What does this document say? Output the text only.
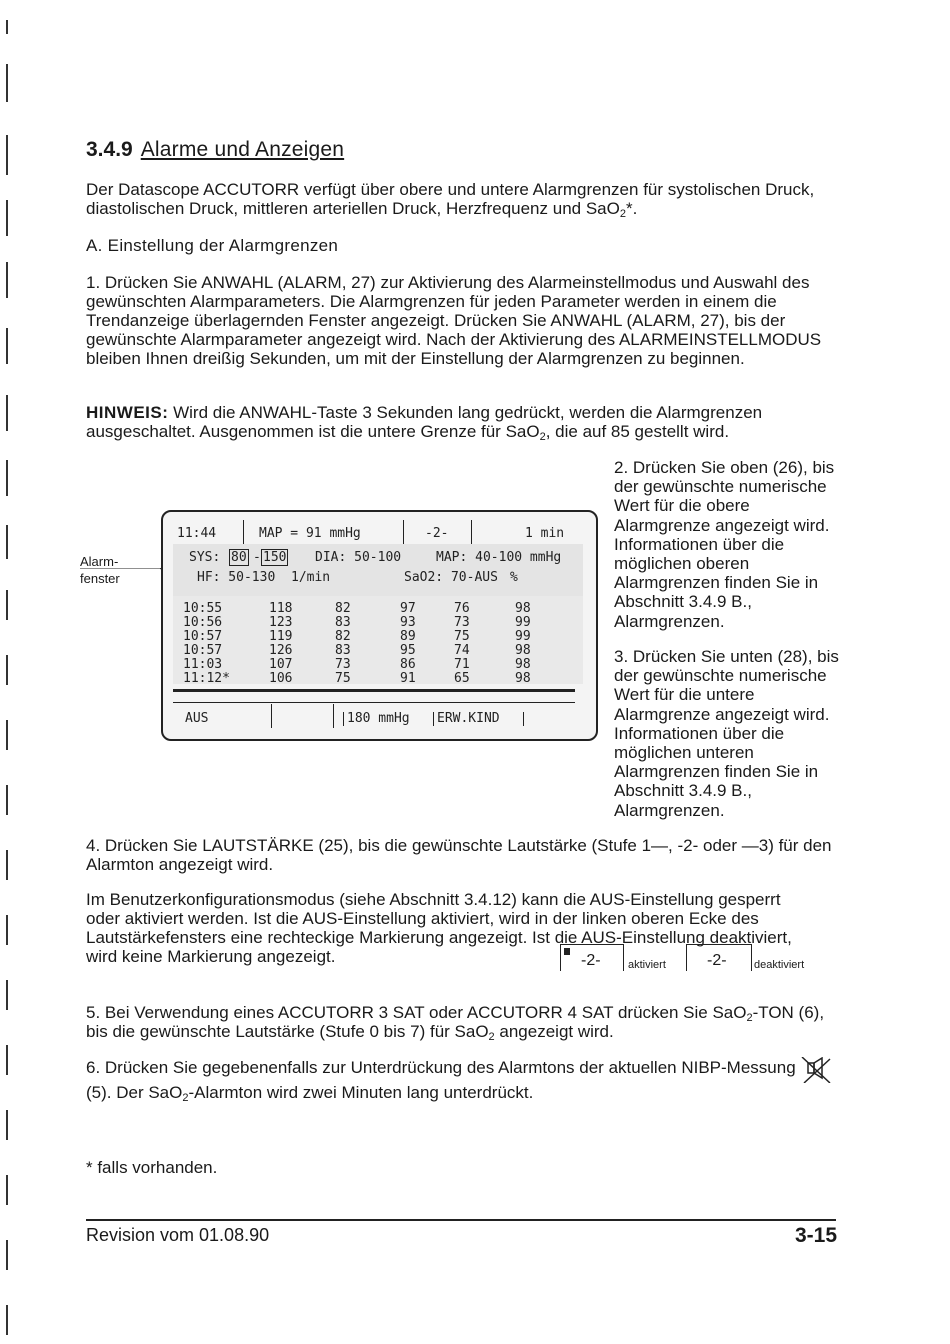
3.4.9 Alarme und Anzeigen

Der Datascope ACCUTORR verfügt über obere und untere Alarmgrenzen für systolischen Druck, diastolischen Druck, mittleren arteriellen Druck, Herzfrequenz und SaO$_2$*.

A. Einstellung der Alarmgrenzen

1. Drücken Sie ANWAHL (ALARM, 27) zur Aktivierung des Alarmeinstellmodus und Auswahl des gewünschten Alarmparameters. Die Alarmgrenzen für jeden Parameter werden in einem die Trendanzeige überlagernden Fenster angezeigt. Drücken Sie ANWAHL (ALARM, 27), bis der gewünschte Alarmparameter angezeigt wird. Nach der Aktivierung des ALARMEINSTELLMODUS bleiben Ihnen dreißig Sekunden, um mit der Einstellung der Alarmgrenzen zu beginnen.

HINWEIS: Wird die ANWAHL-Taste 3 Sekunden lang gedrückt, werden die Alarmgrenzen ausgeschaltet. Ausgenommen ist die untere Grenze für SaO$_2$, die auf 85 gestellt wird.

Alarm-
fenster
11:44	MAP = 91 mmHg	-2-	1 min
SYS: 80 - 150 DIA: 50-100	MAP: 40-100 mmHg
HF: 50-130 1/min	SaO2: 70-AUS %
10:55	118	82	97	76	98
10:56	123	83	93	73	99
10:57	119	82	89	75	99
10:57	126	83	95	74	98
11:03	107	73	86	71	98
11:12*	106	75	91	65	98
AUS	180 mmHg ERW.KIND

2. Drücken Sie oben (26), bis der gewünschte numerische Wert für die obere Alarmgrenze angezeigt wird. Informationen über die möglichen oberen Alarmgrenzen finden Sie in Abschnitt 3.4.9 B., Alarmgrenzen.

3. Drücken Sie unten (28), bis der gewünschte numerische Wert für die untere Alarmgrenze angezeigt wird. Informationen über die möglichen unteren Alarmgrenzen finden Sie in Abschnitt 3.4.9 B., Alarmgrenzen.

4. Drücken Sie LAUTSTÄRKE (25), bis die gewünschte Lautstärke (Stufe 1—, -2- oder —3) für den Alarmton angezeigt wird.

Im Benutzerkonfigurationsmodus (siehe Abschnitt 3.4.12) kann die AUS-Einstellung gesperrt oder aktiviert werden. Ist die AUS-Einstellung aktiviert, wird in der linken oberen Ecke des Lautstärkefensters eine rechteckige Markierung angezeigt. Ist die AUS-Einstellung deaktiviert, wird keine Markierung angezeigt.	-2- aktiviert	-2- deaktiviert

5. Bei Verwendung eines ACCUTORR 3 SAT oder ACCUTORR 4 SAT drücken Sie SaO$_2$-TON (6), bis die gewünschte Lautstärke (Stufe 0 bis 7) für SaO$_2$ angezeigt wird.

6. Drücken Sie gegebenenfalls zur Unterdrückung des Alarmtons der aktuellen NIBP-Messung (5). Der SaO$_2$-Alarmton wird zwei Minuten lang unterdrückt.

* falls vorhanden.
Revision vom 01.08.90	3-15
